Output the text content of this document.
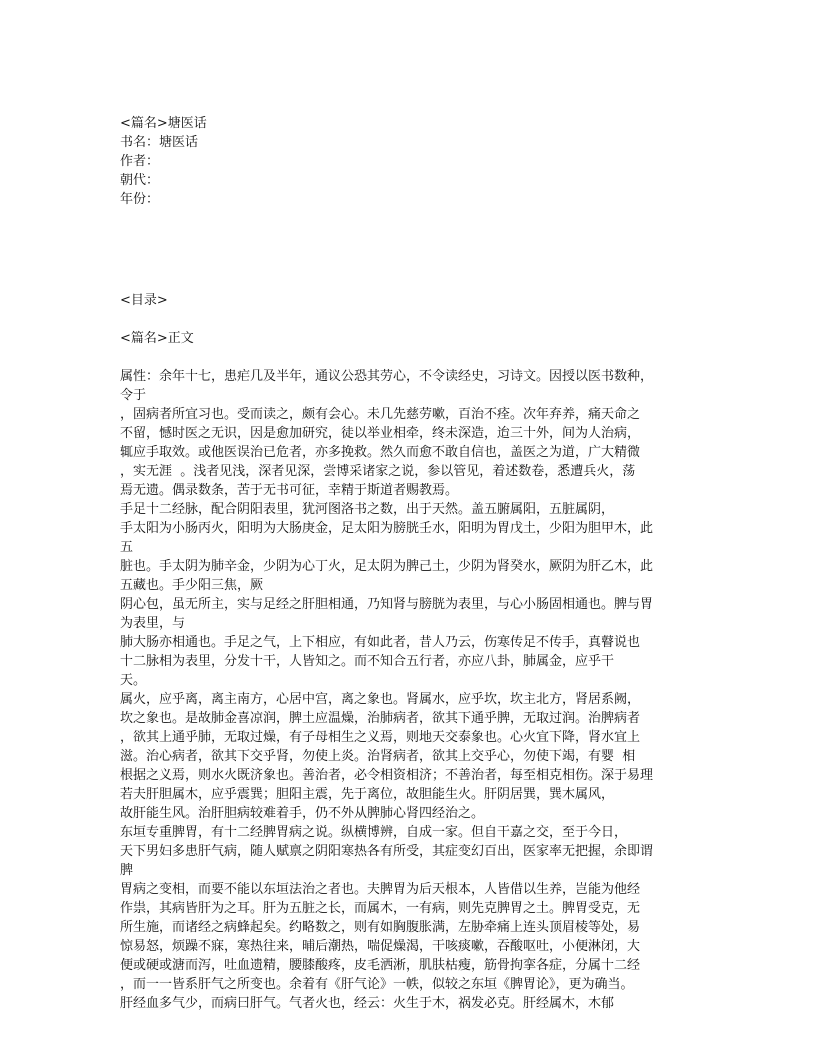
<篇名>塘医话

书名：塘医话

作者：

朝代：

年份：

<目录>

<篇名>正文

属性：余年十七，患疟几及半年，通议公恐其劳心，不令读经史，习诗文。因授以医书数种，

令于

，固病者所宜习也。受而读之，颇有会心。未几先慈劳嗽，百治不痊。次年弃养，痛天命之

不留，憾时医之无识，因是愈加研究，徒以举业相牵，终未深造，迨三十外，间为人治病，

辄应手取效。或他医误治已危者，亦多挽救。然久而愈不敢自信也，盖医之为道，广大精微

，实无涯  。浅者见浅，深者见深，尝博采诸家之说，参以管见，着述数卷，悉遭兵火，荡

焉无遗。偶录数条，苦于无书可征，幸精于斯道者赐教焉。

手足十二经脉，配合阴阳表里，犹河图洛书之数，出于天然。盖五腑属阳，五脏属阴，

手太阳为小肠丙火，阳明为大肠庚金，足太阳为膀胱壬水，阳明为胃戊土，少阳为胆甲木，此

五

脏也。手太阴为肺辛金，少阴为心丁火，足太阴为脾己土，少阴为肾癸水，厥阴为肝乙木，此

五藏也。手少阳三焦，厥

阴心包，虽无所主，实与足经之肝胆相通，乃知肾与膀胱为表里，与心小肠固相通也。脾与胃

为表里，与

肺大肠亦相通也。手足之气，上下相应，有如此者，昔人乃云，伤寒传足不传手，真瞽说也

十二脉相为表里，分发十干，人皆知之。而不知合五行者，亦应八卦，肺属金，应乎干

天。

属火，应乎离，离主南方，心居中宫，离之象也。肾属水，应乎坎，坎主北方，肾居系阙，

坎之象也。是故肺金喜凉润，脾土应温燥，治肺病者，欲其下通乎脾，无取过润。治脾病者

，欲其上通乎肺，无取过燥，有子母相生之义焉，则地天交泰象也。心火宜下降，肾水宜上

滋。治心病者，欲其下交乎肾，勿使上炎。治肾病者，欲其上交乎心，勿使下竭，有婴  相

根据之义焉，则水火既济象也。善治者，必令相资相济；不善治者，每至相克相伤。深于易理

若夫肝胆属木，应乎震巽；胆阳主震，先于离位，故胆能生火。肝阴居巽，巽木属风，

故肝能生风。治肝胆病较难着手，仍不外从脾肺心肾四经治之。

东垣专重脾胃，有十二经脾胃病之说。纵横博辨，自成一家。但自干嘉之交，至于今日，

天下男妇多患肝气病，随人赋禀之阴阳寒热各有所受，其症变幻百出，医家率无把握，余即谓

脾

胃病之变相，而要不能以东垣法治之者也。夫脾胃为后天根本，人皆借以生养，岂能为他经

作祟，其病皆肝为之耳。肝为五脏之长，而属木，一有病，则先克脾胃之土。脾胃受克，无

所生施，而诸经之病蜂起矣。约略数之，则有如胸腹胀满，左胁牵痛上连头顶眉棱等处，易

惊易怒，烦躁不寐，寒热往来，晡后潮热，喘促燥渴，干咳痰嗽，吞酸呕吐，小便淋闭，大

便或硬或溏而泻，吐血遗精，腰膝酸疼，皮毛洒淅，肌肤枯瘦，筋骨拘挛各症，分属十二经

，而一一皆系肝气之所变也。余着有《肝气论》一帙，似较之东垣《脾胃论》，更为确当。

肝经血多气少，而病曰肝气。气者火也，经云：火生于木，祸发必克。肝经属木，木郁
